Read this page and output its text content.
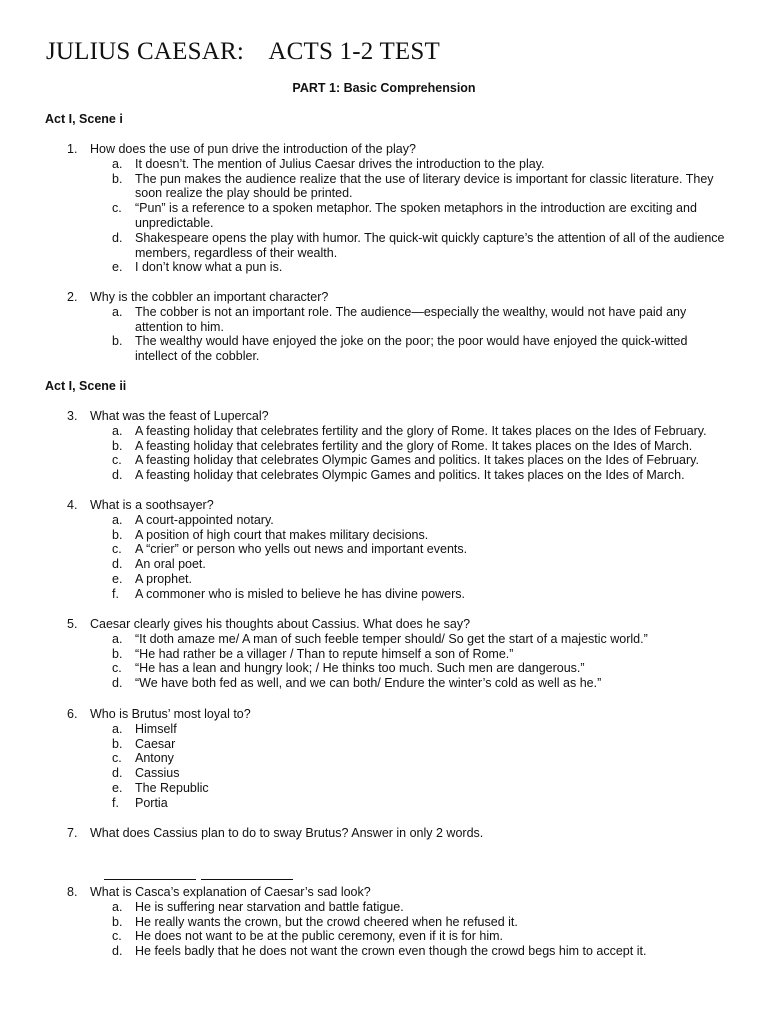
JULIUS CAESAR:    ACTS 1-2 TEST
PART 1: Basic Comprehension
Act I, Scene i
Act I, Scene ii
1. How does the use of pun drive the introduction of the play?
a. It doesn’t. The mention of Julius Caesar drives the introduction to the play.
b. The pun makes the audience realize that the use of literary device is important for classic literature. They soon realize the play should be printed.
c. “Pun” is a reference to a spoken metaphor. The spoken metaphors in the introduction are exciting and unpredictable.
d. Shakespeare opens the play with humor. The quick-wit quickly capture’s the attention of all of the audience members, regardless of their wealth.
e. I don’t know what a pun is.
2. Why is the cobbler an important character?
a. The cobber is not an important role. The audience—especially the wealthy, would not have paid any attention to him.
b. The wealthy would have enjoyed the joke on the poor; the poor would have enjoyed the quick-witted intellect of the cobbler.
3. What was the feast of Lupercal?
a. A feasting holiday that celebrates fertility and the glory of Rome. It takes places on the Ides of February.
b. A feasting holiday that celebrates fertility and the glory of Rome. It takes places on the Ides of March.
c. A feasting holiday that celebrates Olympic Games and politics. It takes places on the Ides of February.
d. A feasting holiday that celebrates Olympic Games and politics. It takes places on the Ides of March.
4. What is a soothsayer?
a. A court-appointed notary.
b. A position of high court that makes military decisions.
c. A “crier” or person who yells out news and important events.
d. An oral poet.
e. A prophet.
f. A commoner who is misled to believe he has divine powers.
5. Caesar clearly gives his thoughts about Cassius. What does he say?
a. “It doth amaze me/ A man of such feeble temper should/ So get the start of a majestic world.”
b. “He had rather be a villager / Than to repute himself a son of Rome.”
c. “He has a lean and hungry look; / He thinks too much. Such men are dangerous.”
d. “We have both fed as well, and we can both/ Endure the winter’s cold as well as he.”
6. Who is Brutus’ most loyal to?
a. Himself
b. Caesar
c. Antony
d. Cassius
e. The Republic
f. Portia
7. What does Cassius plan to do to sway Brutus? Answer in only 2 words.
8. What is Casca’s explanation of Caesar’s sad look?
a. He is suffering near starvation and battle fatigue.
b. He really wants the crown, but the crowd cheered when he refused it.
c. He does not want to be at the public ceremony, even if it is for him.
d. He feels badly that he does not want the crown even though the crowd begs him to accept it.
